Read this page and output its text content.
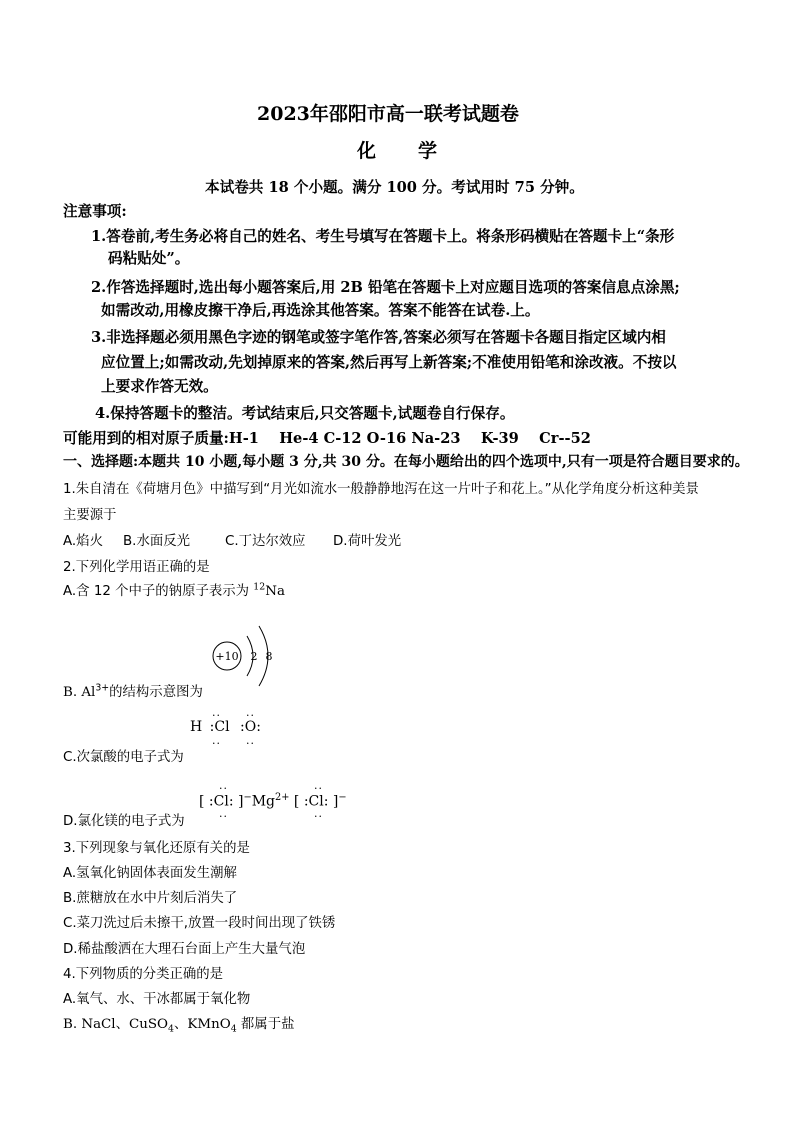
2023年邵阳市高一联考试题卷
化 学
本试卷共 18 个小题。满分 100 分。考试用时 75 分钟。
注意事项:
1.答卷前,考生务必将自己的姓名、考生号填写在答题卡上。将条形码横贴在答题卡上“条形
码粘贴处”。
2.作答选择题时,选出每小题答案后,用 2B 铅笔在答题卡上对应题目选项的答案信息点涂黑;
如需改动,用橡皮擦干净后,再选涂其他答案。答案不能答在试卷.上。
3.非选择题必须用黑色字迹的钢笔或签字笔作答,答案必须写在答题卡各题目指定区域内相
应位置上;如需改动,先划掉原来的答案,然后再写上新答案;不准使用铅笔和涂改液。不按以
上要求作答无效。
4.保持答题卡的整洁。考试结束后,只交答题卡,试题卷自行保存。
可能用到的相对原子质量:H-1    He-4 C-12 O-16 Na-23    K-39    Cr--52
一、选择题:本题共 10 小题,每小题 3 分,共 30 分。在每小题给出的四个选项中,只有一项是符合题目要求的。
1.朱自清在《荷塘月色》中描写到“月光如流水一般静静地泻在这一片叶子和花上。”从化学角度分析这种美景
主要源于
A.焰火 B.水面反光	C.丁达尔效应 D.荷叶发光
2.下列化学用语正确的是
A.含 12 个中子的钠原子表示为 $^{12}$Na
+10 2 8
B. $Al^{3+}$的结构示意图为
·· ··
H :Cl :O:
·· ··
C.次氯酸的电子式为
··	··
[ :Cl: ]$^-Mg^{2+}$ [ :Cl: ]−
··	··
D.氯化镁的电子式为
3.下列现象与氧化还原有关的是
A.氢氧化钠固体表面发生潮解
B.蔗糖放在水中片刻后消失了
C.菜刀洗过后未擦干,放置一段时间出现了铁锈
D.稀盐酸洒在大理石台面上产生大量气泡
4.下列物质的分类正确的是
A.氧气、水、干冰都属于氧化物
B. NaCl、CuSO$_4$、KMnO$_4$ 都属于盐
